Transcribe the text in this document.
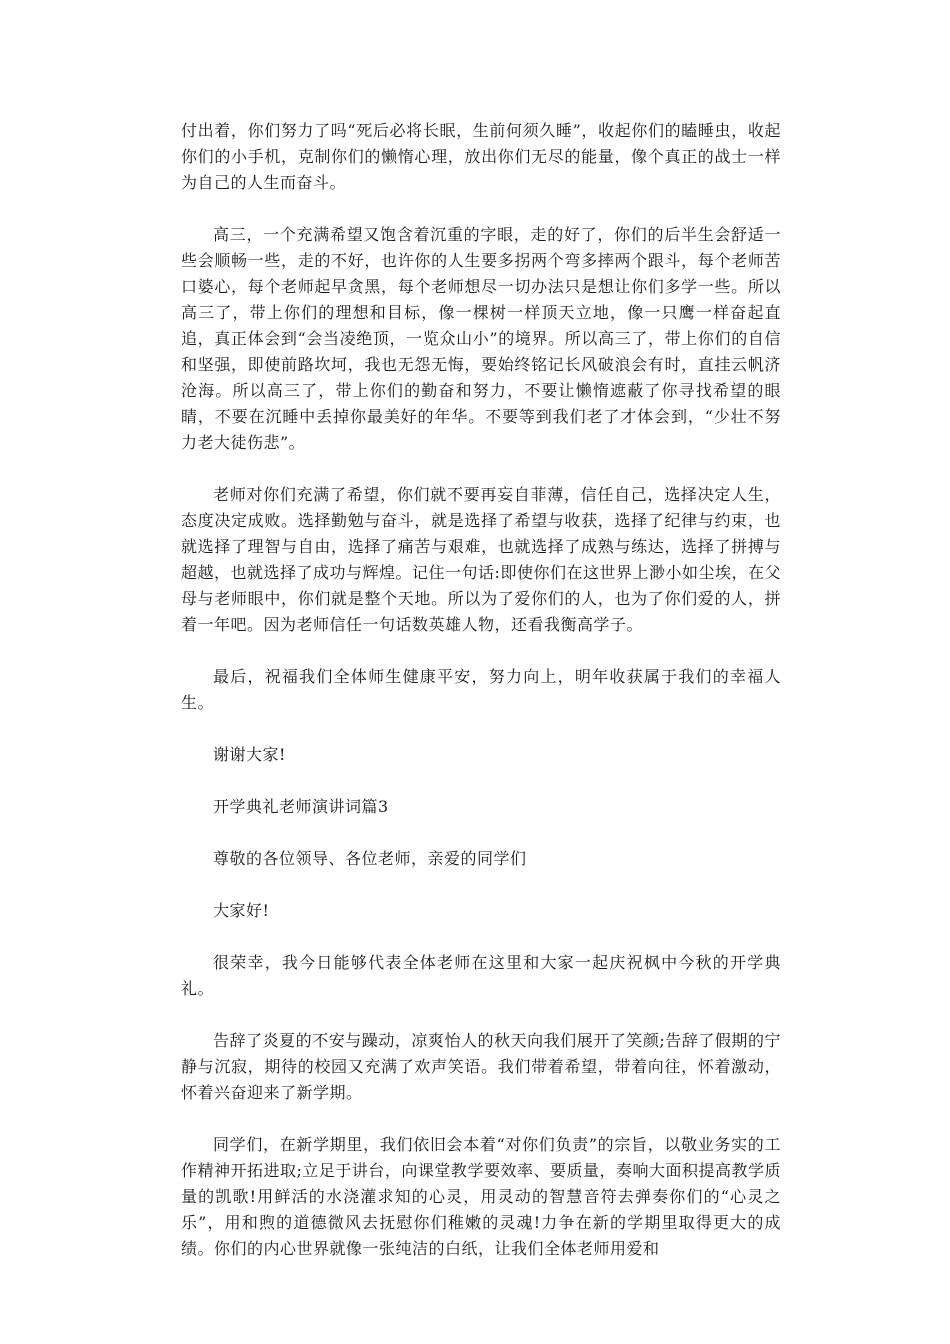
付出着，你们努力了吗“死后必将长眠，生前何须久睡”，收起你们的瞌睡虫，收起你们的小手机，克制你们的懒惰心理，放出你们无尽的能量，像个真正的战士一样为自己的人生而奋斗。

高三，一个充满希望又饱含着沉重的字眼，走的好了，你们的后半生会舒适一些会顺畅一些，走的不好，也许你的人生要多拐两个弯多摔两个跟斗，每个老师苦口婆心，每个老师起早贪黑，每个老师想尽一切办法只是想让你们多学一些。所以高三了，带上你们的理想和目标，像一棵树一样顶天立地，像一只鹰一样奋起直追，真正体会到“会当凌绝顶，一览众山小”的境界。所以高三了，带上你们的自信和坚强，即使前路坎坷，我也无怨无悔，要始终铭记长风破浪会有时，直挂云帆济沧海。所以高三了，带上你们的勤奋和努力，不要让懒惰遮蔽了你寻找希望的眼睛，不要在沉睡中丢掉你最美好的年华。不要等到我们老了才体会到，“少壮不努力老大徒伤悲”。

老师对你们充满了希望，你们就不要再妄自菲薄，信任自己，选择决定人生，态度决定成败。选择勤勉与奋斗，就是选择了希望与收获，选择了纪律与约束，也就选择了理智与自由，选择了痛苦与艰难，也就选择了成熟与练达，选择了拼搏与超越，也就选择了成功与辉煌。记住一句话:即使你们在这世界上渺小如尘埃，在父母与老师眼中，你们就是整个天地。所以为了爱你们的人，也为了你们爱的人，拼着一年吧。因为老师信任一句话数英雄人物，还看我衡高学子。

最后，祝福我们全体师生健康平安，努力向上，明年收获属于我们的幸福人生。

谢谢大家!

开学典礼老师演讲词篇3

尊敬的各位领导、各位老师，亲爱的同学们

大家好!

很荣幸，我今日能够代表全体老师在这里和大家一起庆祝枫中今秋的开学典礼。

告辞了炎夏的不安与躁动，凉爽怡人的秋天向我们展开了笑颜;告辞了假期的宁静与沉寂，期待的校园又充满了欢声笑语。我们带着希望，带着向往，怀着激动，怀着兴奋迎来了新学期。

同学们，在新学期里，我们依旧会本着“对你们负责”的宗旨，以敬业务实的工作精神开拓进取;立足于讲台，向课堂教学要效率、要质量，奏响大面积提高教学质量的凯歌!用鲜活的水浇灌求知的心灵，用灵动的智慧音符去弹奏你们的“心灵之乐”，用和煦的道德微风去抚慰你们稚嫩的灵魂!力争在新的学期里取得更大的成绩。你们的内心世界就像一张纯洁的白纸，让我们全体老师用爱和
